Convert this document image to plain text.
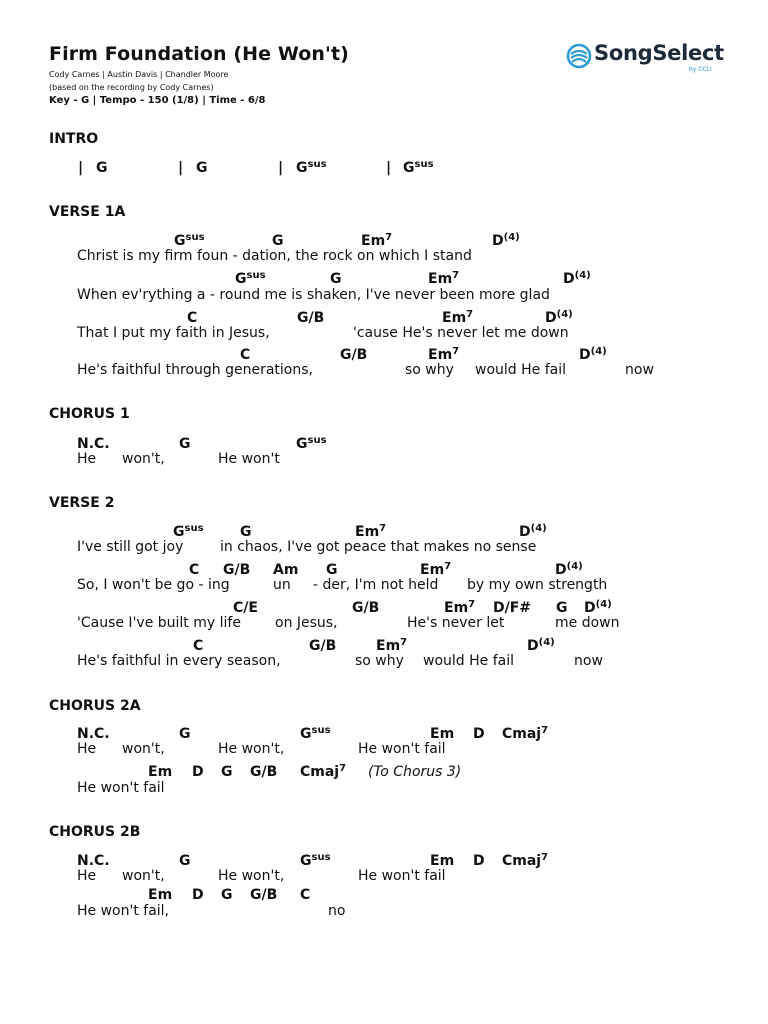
Firm Foundation (He Won't)
Cody Carnes | Austin Davis | Chandler Moore
(based on the recording by Cody Carnes)
Key - G | Tempo - 150 (1/8) | Time - 6/8
SongSelect
by CCLI
INTRO
| G	| G	| $G^{sus}$	| $G^{sus}$
VERSE 1A
$G^{sus}$	G	Em$^7$	$D^{(4)}$
Christ is my firm foun - dation, the rock on which I stand
$G^{sus}$	G	Em$^7$	$D^{(4)}$
When ev'rything a - round me is shaken, I've never been more glad
C	G/B	Em$^7$	$D^{(4)}$
That I put my faith in Jesus,	'cause He's never let me down
C	G/B	Em$^7$	$D^{(4)}$
He's faithful through generations,	so why would He fail	now
CHORUS 1
N.C.	G	$G^{sus}$
He won't,	He won't
VERSE 2
$G^{sus}$	G	Em$^7$	$D^{(4)}$
I've still got joy	in chaos, I've got peace that makes no sense
C G/B Am G	Em$^7$	$D^{(4)}$
So, I won't be go - ing	un - der, I'm not held by my own strength
C/E	G/B	Em$^7$ D/F# G $D^{(4)}$
'Cause I've built my life on Jesus,	He's never let	me down
C	G/B	Em$^7$	$D^{(4)}$
He's faithful in every season,	so why would He fail	now
CHORUS 2A
N.C.	G	$G^{sus}$	Em D Cmaj$^7$
He won't,	He won't,	He won't fail
Em D G G/B Cmaj$^7$ (To Chorus 3)
He won't fail
CHORUS 2B
N.C.	G	$G^{sus}$	Em D Cmaj$^7$
He won't,	He won't,	He won't fail
Em D G G/B C
He won't fail,	no
